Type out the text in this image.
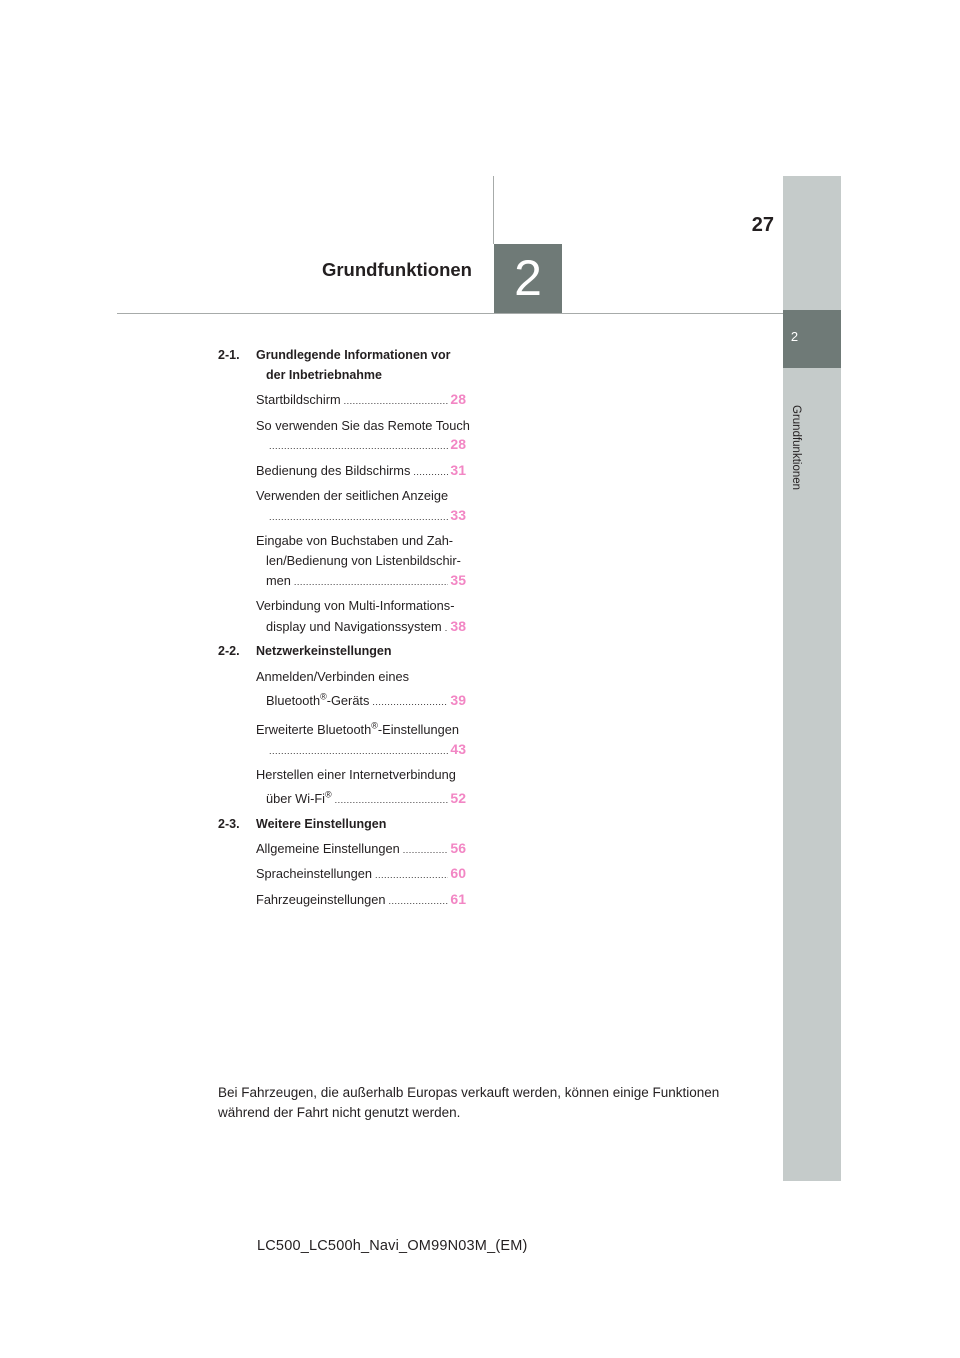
2
Grundfunktionen
27
2
Grundfunktionen
2-1. Grundlegende Informationen vor
der Inbetriebnahme
Startbildschirm .....	28
So verwenden Sie das Remote Touch
.....
28
Bedienung des Bildschirms .....	31
Verwenden der seitlichen Anzeige
.....
33
Eingabe von Buchstaben und Zah-
len/Bedienung von Listenbildschir-
men .....	35
Verbindung von Multi-Informations-
display und Navigationssystem ..... 38
2-2. Netzwerkeinstellungen
Anmelden/Verbinden eines
Bluetooth®-Geräts .....	39
Erweiterte Bluetooth®-Einstellungen
.....
43
Herstellen einer Internetverbindung
über Wi-Fi® .....	52
2-3. Weitere Einstellungen
Allgemeine Einstellungen .....	56
Spracheinstellungen .....	60
Fahrzeugeinstellungen .....	61
Bei Fahrzeugen, die außerhalb Europas verkauft werden, können einige Funktionen während der Fahrt nicht genutzt werden.
LC500_LC500h_Navi_OM99N03M_(EM)
